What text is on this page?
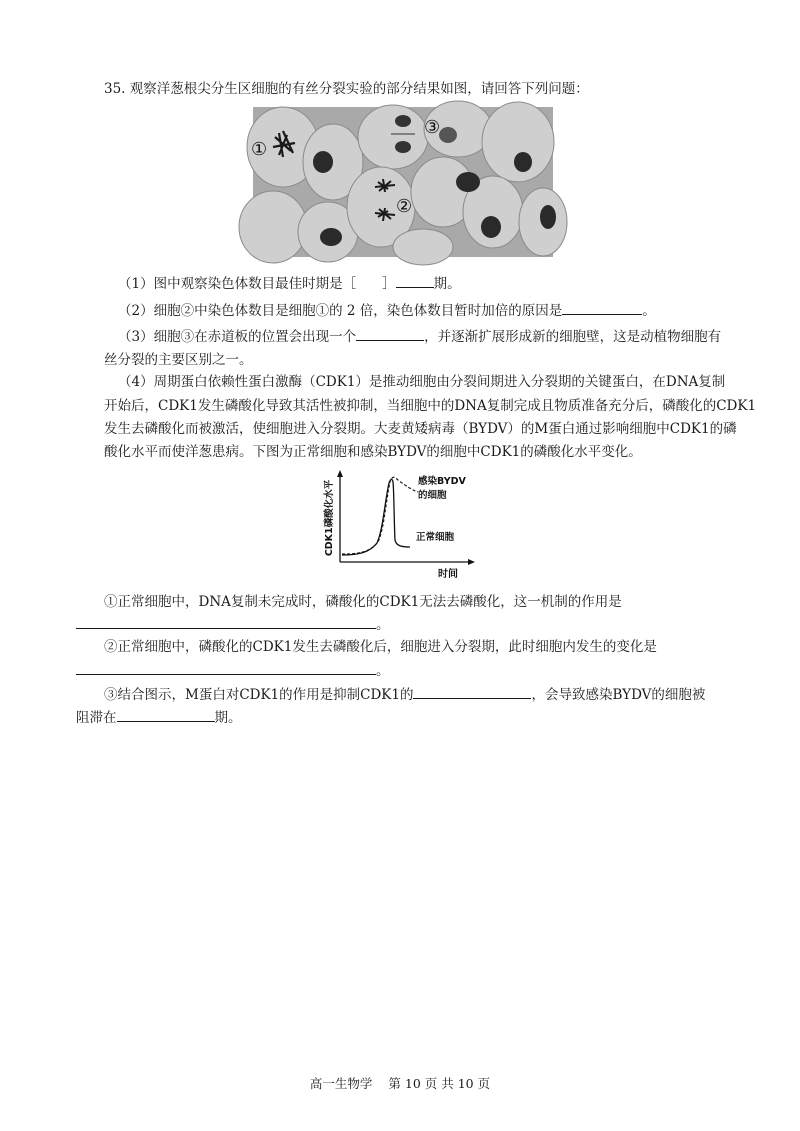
35. 观察洋葱根尖分生区细胞的有丝分裂实验的部分结果如图，请回答下列问题：
①
②
③
（1）图中观察染色体数目最佳时期是［ ］	期。
（2）细胞②中染色体数目是细胞①的 2 倍，染色体数目暂时加倍的原因是	。
（3）细胞③在赤道板的位置会出现一个	，并逐渐扩展形成新的细胞壁，这是动植物细胞有
丝分裂的主要区别之一。
（4）周期蛋白依赖性蛋白激酶（CDK1）是推动细胞由分裂间期进入分裂期的关键蛋白，在DNA复制
开始后，CDK1发生磷酸化导致其活性被抑制，当细胞中的DNA复制完成且物质准备充分后，磷酸化的CDK1
发生去磷酸化而被激活，使细胞进入分裂期。大麦黄矮病毒（BYDV）的M蛋白通过影响细胞中CDK1的磷
酸化水平而使洋葱患病。下图为正常细胞和感染BYDV的细胞中CDK1的磷酸化水平变化。
CDK1磷酸化水平
时间
感染BYDV
的细胞
正常细胞
①正常细胞中，DNA复制未完成时，磷酸化的CDK1无法去磷酸化，这一机制的作用是
。
②正常细胞中，磷酸化的CDK1发生去磷酸化后，细胞进入分裂期，此时细胞内发生的变化是
。
③结合图示，M蛋白对CDK1的作用是抑制CDK1的	，会导致感染BYDV的细胞被
阻滞在	期。
高一生物学 第 10 页 共 10 页
